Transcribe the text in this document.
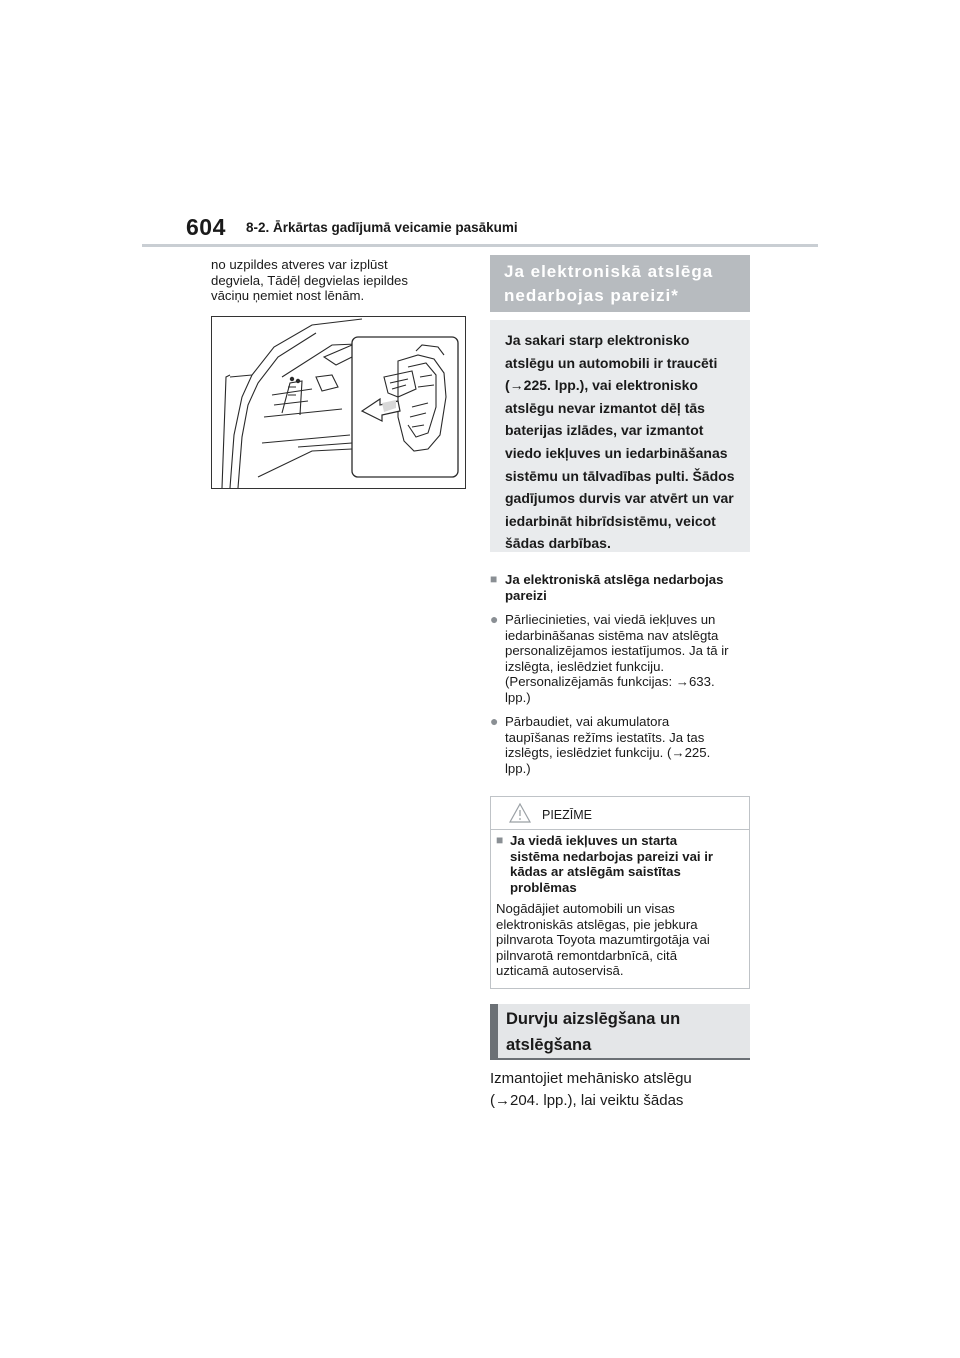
604 8-2. Ārkārtas gadījumā veicamie pasākumi
no uzpildes atveres var izplūst
degviela, Tādēļ degvielas iepildes
vāciņu ņemiet nost lēnām.
Ja elektroniskā atslēga
nedarbojas pareizi*
Ja sakari starp elektronisko
atslēgu un automobili ir traucēti
(→225. lpp.), vai elektronisko
atslēgu nevar izmantot dēļ tās
baterijas izlādes, var izmantot
viedo iekļuves un iedarbināšanas
sistēmu un tālvadības pulti. Šādos
gadījumos durvis var atvērt un var
iedarbināt hibrīdsistēmu, veicot
šādas darbības.
■ Ja elektroniskā atslēga nedarbojas
pareizi
● Pārliecinieties, vai viedā iekļuves un
iedarbināšanas sistēma nav atslēgta
personalizējamos iestatījumos. Ja tā ir
izslēgta, ieslēdziet funkciju.
(Personalizējamās funkcijas: →633.
lpp.)
● Pārbaudiet, vai akumulatora
taupīšanas režīms iestatīts. Ja tas
izslēgts, ieslēdziet funkciju. (→225.
lpp.)
PIEZĪME
■ Ja viedā iekļuves un starta
sistēma nedarbojas pareizi vai ir
kādas ar atslēgām saistītas
problēmas
Nogādājiet automobili un visas
elektroniskās atslēgas, pie jebkura
pilnvarota Toyota mazumtirgotāja vai
pilnvarotā remontdarbnīcā, citā
uzticamā autoservisā.
Durvju aizslēgšana un
atslēgšana
Izmantojiet mehānisko atslēgu
(→204. lpp.), lai veiktu šādas
